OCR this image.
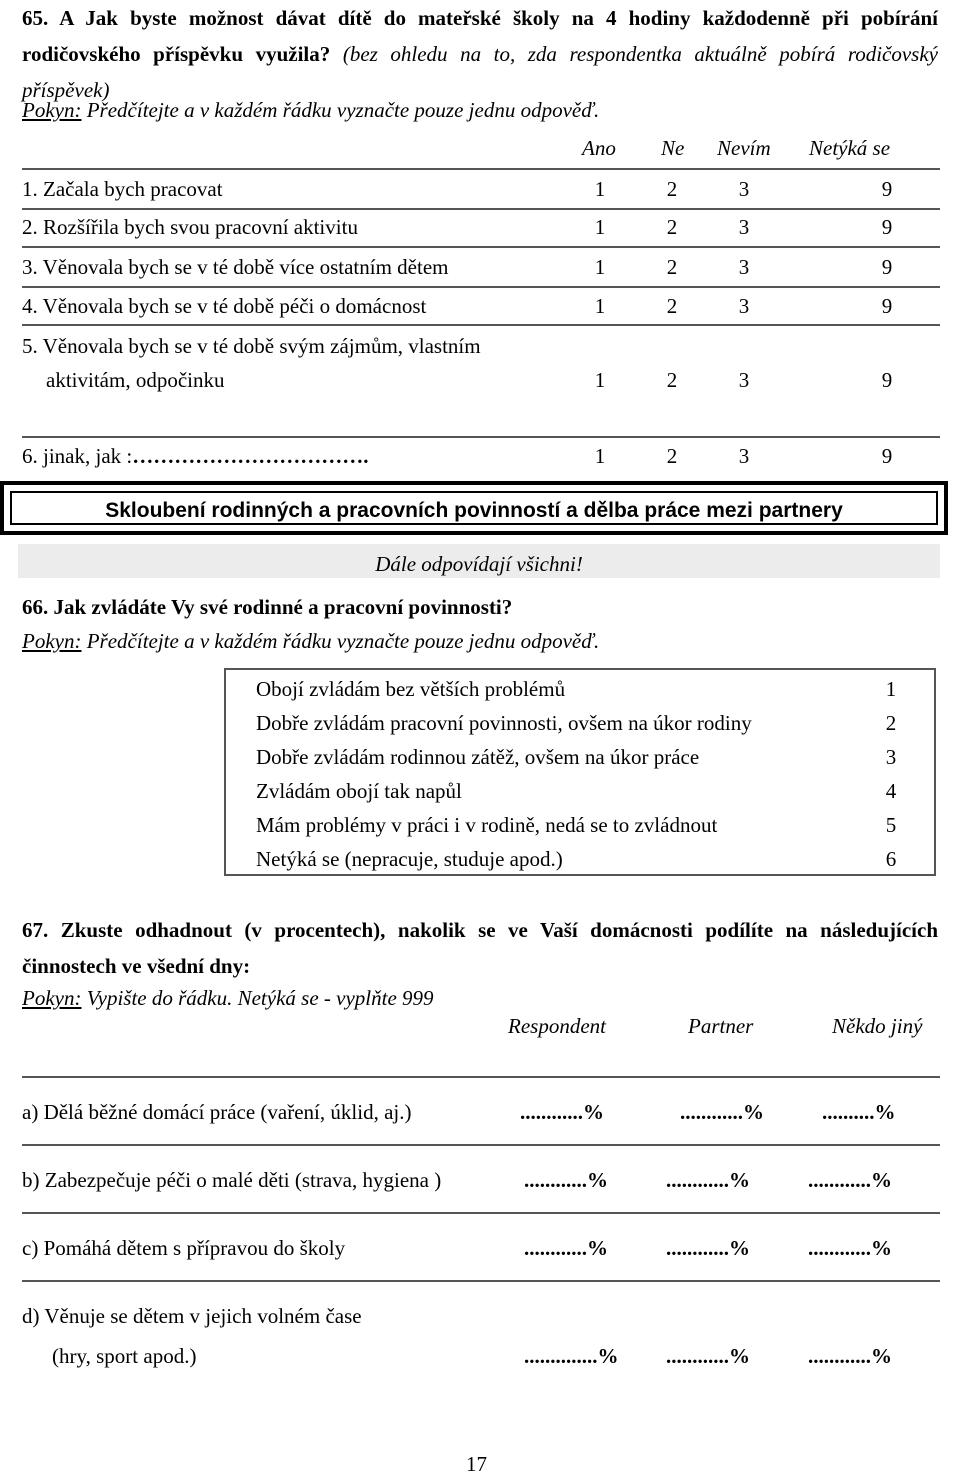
65. A Jak byste možnost dávat dítě do mateřské školy na 4 hodiny každodenně při pobírání rodičovského příspěvku využila? (bez ohledu na to, zda respondentka aktuálně pobírá rodičovský příspěvek)
Pokyn: Předčítejte a v každém řádku vyznačte pouze jednu odpověď.
Ano Ne Nevím Netýká se
1. Začala bych pracovat	1	2	3	9
2. Rozšířila bych svou pracovní aktivitu	1	2	3	9
3. Věnovala bych se v té době více ostatním dětem	1	2	3	9
4. Věnovala bych se v té době péči o domácnost	1	2	3	9
5. Věnovala bych se v té době svým zájmům, vlastním
aktivitám, odpočinku	1	2	3	9
6. jinak, jak :…………………………….	1	2	3	9
Skloubení rodinných a pracovních povinností a dělba práce mezi partnery
Dále odpovídají všichni!
66. Jak zvládáte Vy své rodinné a pracovní povinnosti?
Pokyn: Předčítejte a v každém řádku vyznačte pouze jednu odpověď.
Obojí zvládám bez větších problémů	1
Dobře zvládám pracovní povinnosti, ovšem na úkor rodiny	2
Dobře zvládám rodinnou zátěž, ovšem na úkor práce	3
Zvládám obojí tak napůl	4
Mám problémy v práci i v rodině, nedá se to zvládnout	5
Netýká se (nepracuje, studuje apod.)	6
67. Zkuste odhadnout (v procentech), nakolik se ve Vaší domácnosti podílíte na následujících činnostech ve všední dny:
Pokyn: Vypište do řádku. Netýká se - vyplňte 999
Respondent	Partner	Někdo jiný
a) Dělá běžné domácí práce (vaření, úklid, aj.)	............%	............%	..........%
b) Zabezpečuje péči o malé děti (strava, hygiena )	............%	............%	............%
c) Pomáhá dětem s přípravou do školy	............%	............%	............%
d) Věnuje se dětem v jejich volném čase
(hry, sport apod.)	..............% ............%	............%
17
